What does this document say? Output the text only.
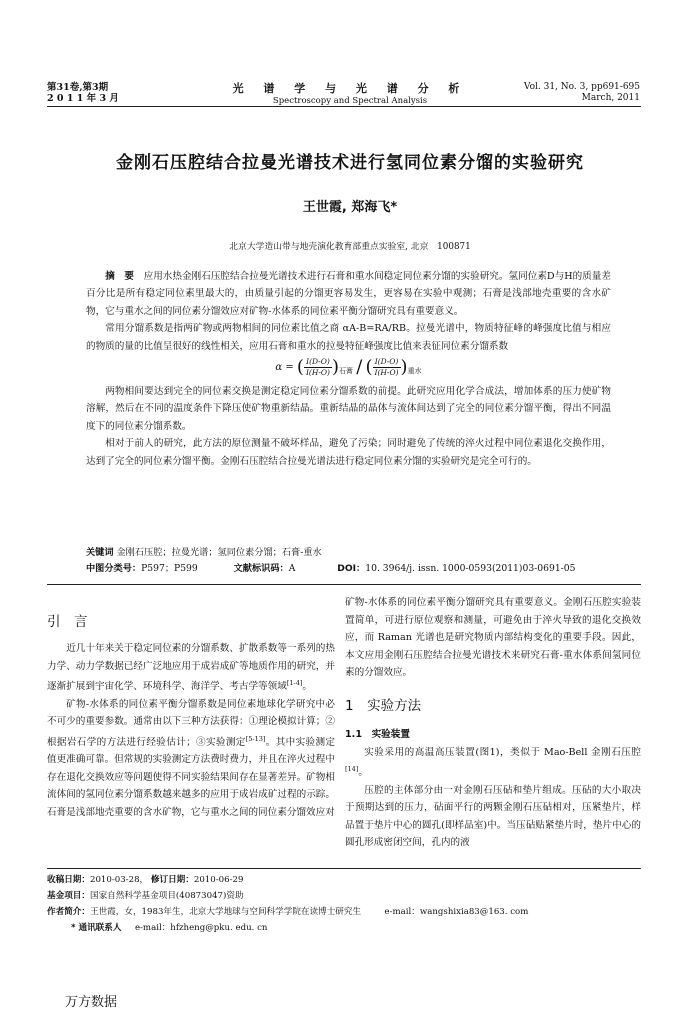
第31卷,第3期
2 0 1 1 年 3 月
光 谱 学 与 光 谱 分 析
Spectroscopy and Spectral Analysis
Vol. 31, No. 3, pp691-695
March, 2011
金刚石压腔结合拉曼光谱技术进行氢同位素分馏的实验研究
王世霞, 郑海飞*
北京大学造山带与地壳演化教育部重点实验室, 北京　100871

摘　要 应用水热金刚石压腔结合拉曼光谱技术进行石膏和重水间稳定同位素分馏的实验研究。氢同位素D与H的质量差百分比是所有稳定同位素里最大的，由质量引起的分馏更容易发生，更容易在实验中观测；石膏是浅部地壳重要的含水矿物，它与重水之间的同位素分馏效应对矿物-水体系的同位素平衡分馏研究具有重要意义。

常用分馏系数是指两矿物或两物相间的同位素比值之商 αA-B=RA/RB。拉曼光谱中，物质特征峰的峰强度比值与相应的物质的量的比值呈很好的线性相关，应用石膏和重水的拉曼特征峰强度比值来表征同位素分馏系数

α = ( $\frac{I(D-O)}{I(H-O)} )_{石膏}$ / ( $\frac{I(D-O)}{I(H-O)} )_{重水}$

两物相间要达到完全的同位素交换是测定稳定同位素分馏系数的前提。此研究应用化学合成法，增加体系的压力使矿物溶解，然后在不同的温度条件下降压使矿物重新结晶。重新结晶的晶体与流体间达到了完全的同位素分馏平衡，得出不同温度下的同位素分馏系数。

相对于前人的研究，此方法的原位测量不破坏样品，避免了污染；同时避免了传统的淬火过程中同位素退化交换作用，达到了完全的同位素分馏平衡。金刚石压腔结合拉曼光谱法进行稳定同位素分馏的实验研究是完全可行的。

关键词 金刚石压腔；拉曼光谱；氢同位素分馏；石膏-重水
中图分类号：P597；P599	文献标识码：A	DOI：10. 3964/j. issn. 1000-0593(2011)03-0691-05
引　言

近几十年来关于稳定同位素的分馏系数、扩散系数等一系列的热力学、动力学数据已经广泛地应用于成岩成矿等地质作用的研究，并逐渐扩展到宇宙化学、环境科学、海洋学、考古学等领域[1-4]。

矿物-水体系的同位素平衡分馏系数是同位素地球化学研究中必不可少的重要参数。通常由以下三种方法获得：①理论模拟计算；②根据岩石学的方法进行经验估计；③实验测定[5-13]。其中实验测定值更准确可靠。但常规的实验测定方法费时费力，并且在淬火过程中存在退化交换效应等问题使得不同实验结果间存在显著差异。矿物相流体间的氢同位素分馏系数越来越多的应用于成岩成矿过程的示踪。石膏是浅部地壳重要的含水矿物，它与重水之间的同位素分馏效应对

矿物-水体系的同位素平衡分馏研究具有重要意义。金刚石压腔实验装置简单，可进行原位观察和测量，可避免由于淬火导致的退化交换效应，而 Raman 光谱也是研究物质内部结构变化的重要手段。因此，本文应用金刚石压腔结合拉曼光谱技术来研究石膏-重水体系间氢同位素的分馏效应。

1　实验方法
1.1　实验装置

实验采用的高温高压装置(图1)，类似于 Mao-Bell 金刚石压腔[14]。

压腔的主体部分由一对金刚石压砧和垫片组成。压砧的大小取决于预期达到的压力，砧面平行的两颗金刚石压砧相对，压紧垫片，样品置于垫片中心的圆孔(即样品室)中。当压砧贴紧垫片时，垫片中心的圆孔形成密闭空间，孔内的液

收稿日期：2010-03-28， 修订日期：2010-06-29
基金项目：国家自然科学基金项目(40873047)资助
作者简介：王世霞，女，1983年生，北京大学地球与空间科学学院在读博士研究生	e-mail：wangshixia83@163. com
* 通讯联系人 e-mail：hfzheng@pku. edu. cn
万方数据
